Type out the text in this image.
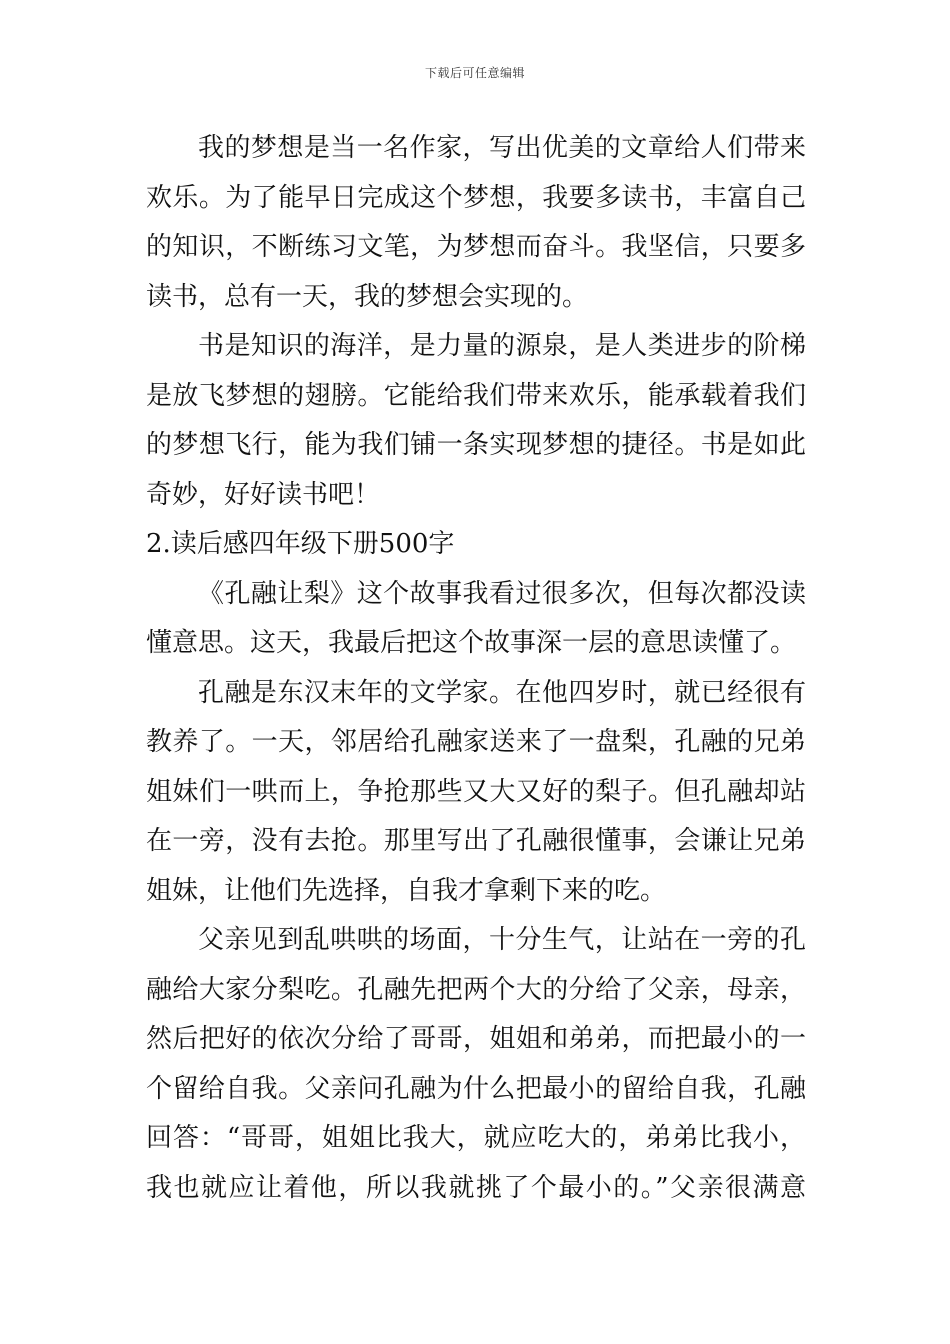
下载后可任意编辑
我的梦想是当一名作家，写出优美的文章给人们带来
欢乐。为了能早日完成这个梦想，我要多读书，丰富自己
的知识，不断练习文笔，为梦想而奋斗。我坚信，只要多
读书，总有一天，我的梦想会实现的。
书是知识的海洋，是力量的源泉，是人类进步的阶梯
是放飞梦想的翅膀。它能给我们带来欢乐，能承载着我们
的梦想飞行，能为我们铺一条实现梦想的捷径。书是如此
奇妙，好好读书吧！
2.读后感四年级下册500字
《孔融让梨》这个故事我看过很多次，但每次都没读
懂意思。这天，我最后把这个故事深一层的意思读懂了。
孔融是东汉末年的文学家。在他四岁时，就已经很有
教养了。一天，邻居给孔融家送来了一盘梨，孔融的兄弟
姐妹们一哄而上，争抢那些又大又好的梨子。但孔融却站
在一旁，没有去抢。那里写出了孔融很懂事，会谦让兄弟
姐妹，让他们先选择，自我才拿剩下来的吃。
父亲见到乱哄哄的场面，十分生气，让站在一旁的孔
融给大家分梨吃。孔融先把两个大的分给了父亲，母亲，
然后把好的依次分给了哥哥，姐姐和弟弟，而把最小的一
个留给自我。父亲问孔融为什么把最小的留给自我，孔融
回答：“哥哥，姐姐比我大，就应吃大的，弟弟比我小，
我也就应让着他，所以我就挑了个最小的。”父亲很满意
